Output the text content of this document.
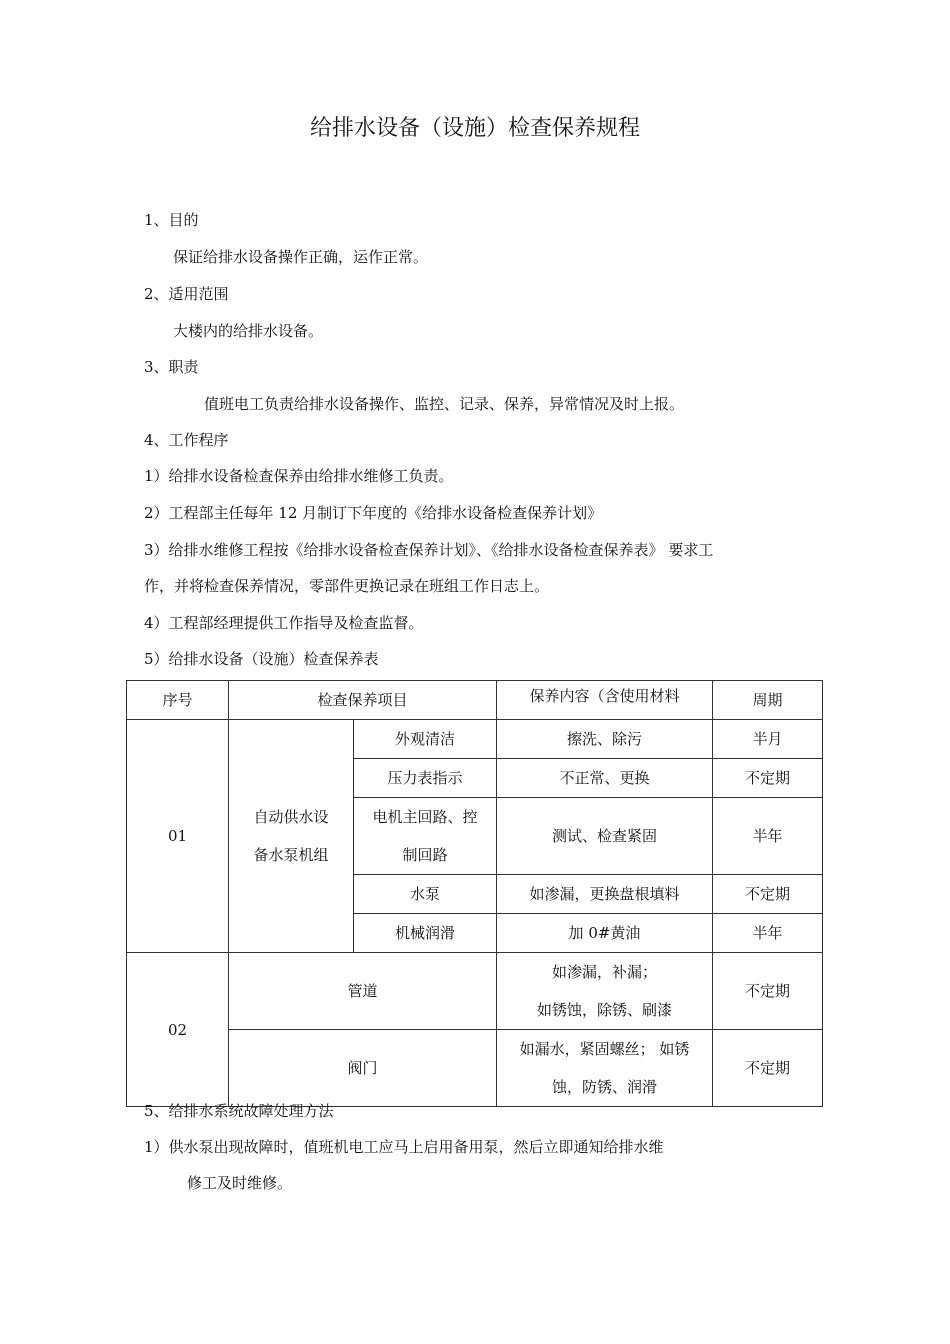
给排水设备（设施）检查保养规程
1、目的
保证给排水设备操作正确，运作正常。
2、适用范围
大楼内的给排水设备。
3、职责
值班电工负责给排水设备操作、监控、记录、保养，异常情况及时上报。
4、工作程序
1）给排水设备检查保养由给排水维修工负责。
2）工程部主任每年 12 月制订下年度的《给排水设备检查保养计划》
3）给排水维修工程按《给排水设备检查保养计划》、《给排水设备检查保养表》 要求工
作，并将检查保养情况，零部件更换记录在班组工作日志上。
4）工程部经理提供工作指导及检查监督。
5）给排水设备（设施）检查保养表
序号	检查保养项目		保养内容（含使用材料	周期
01	自动供水设
备水泵机组	外观清洁	擦洗、除污	半月
		压力表指示	不正常、更换	不定期

		电机主回路、控
制回路	测试、检查紧固	半年
		水泵	如渗漏，更换盘根填料	不定期
		机械润滑	加 0#黄油	半年
02	管道		如渗漏，补漏；
如锈蚀，除锈、刷漆	不定期
	阀门		如漏水，紧固螺丝； 如锈
蚀，防锈、润滑	不定期
5、给排水系统故障处理方法
1）供水泵出现故障时，值班机电工应马上启用备用泵，然后立即通知给排水维
修工及时维修。
